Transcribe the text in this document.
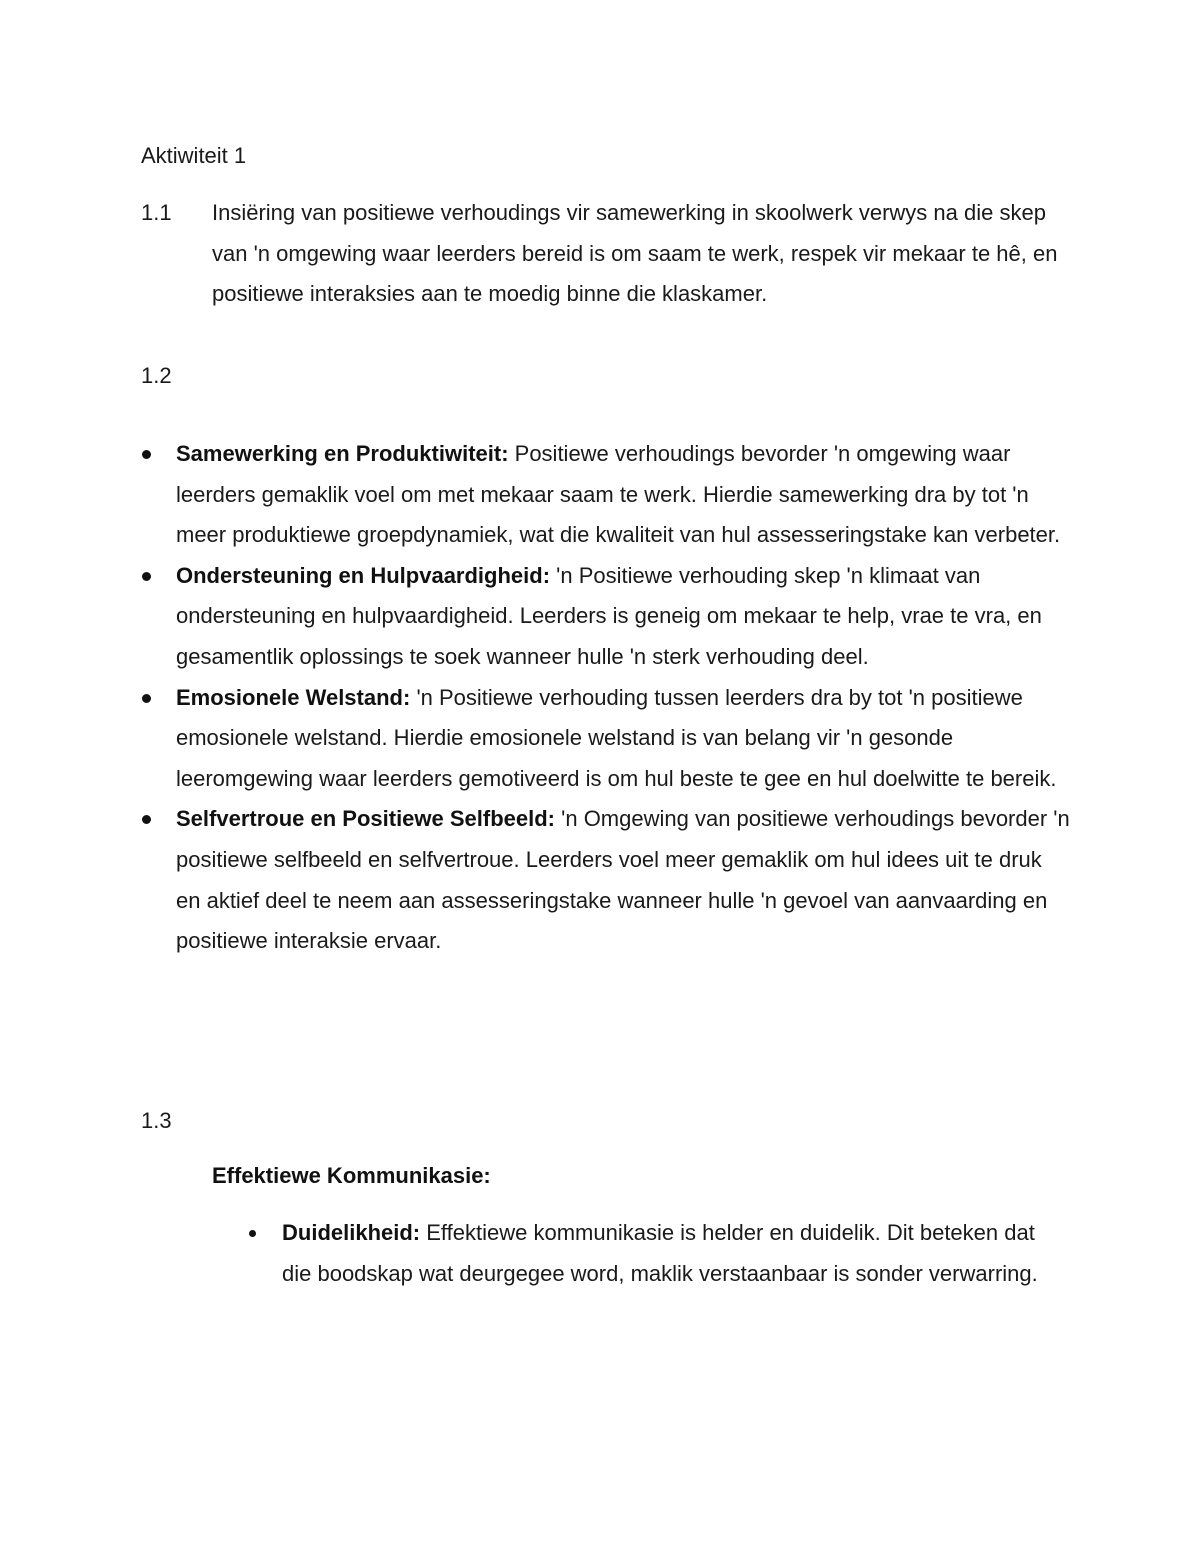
Aktiwiteit 1
1.1 Insiëring van positiewe verhoudings vir samewerking in skoolwerk verwys na die skep van 'n omgewing waar leerders bereid is om saam te werk, respek vir mekaar te hê, en positiewe interaksies aan te moedig binne die klaskamer.
1.2
Samewerking en Produktiwiteit: Positiewe verhoudings bevorder 'n omgewing waar leerders gemaklik voel om met mekaar saam te werk. Hierdie samewerking dra by tot 'n meer produktiewe groepdynamiek, wat die kwaliteit van hul assesseringstake kan verbeter.
Ondersteuning en Hulpvaardigheid: 'n Positiewe verhouding skep 'n klimaat van ondersteuning en hulpvaardigheid. Leerders is geneig om mekaar te help, vrae te vra, en gesamentlik oplossings te soek wanneer hulle 'n sterk verhouding deel.
Emosionele Welstand: 'n Positiewe verhouding tussen leerders dra by tot 'n positiewe emosionele welstand. Hierdie emosionele welstand is van belang vir 'n gesonde leeromgewing waar leerders gemotiveerd is om hul beste te gee en hul doelwitte te bereik.
Selfvertroue en Positiewe Selfbeeld: 'n Omgewing van positiewe verhoudings bevorder 'n positiewe selfbeeld en selfvertroue. Leerders voel meer gemaklik om hul idees uit te druk en aktief deel te neem aan assesseringstake wanneer hulle 'n gevoel van aanvaarding en positiewe interaksie ervaar.
1.3
Effektiewe Kommunikasie:
Duidelikheid: Effektiewe kommunikasie is helder en duidelik. Dit beteken dat die boodskap wat deurgegee word, maklik verstaanbaar is sonder verwarring.
